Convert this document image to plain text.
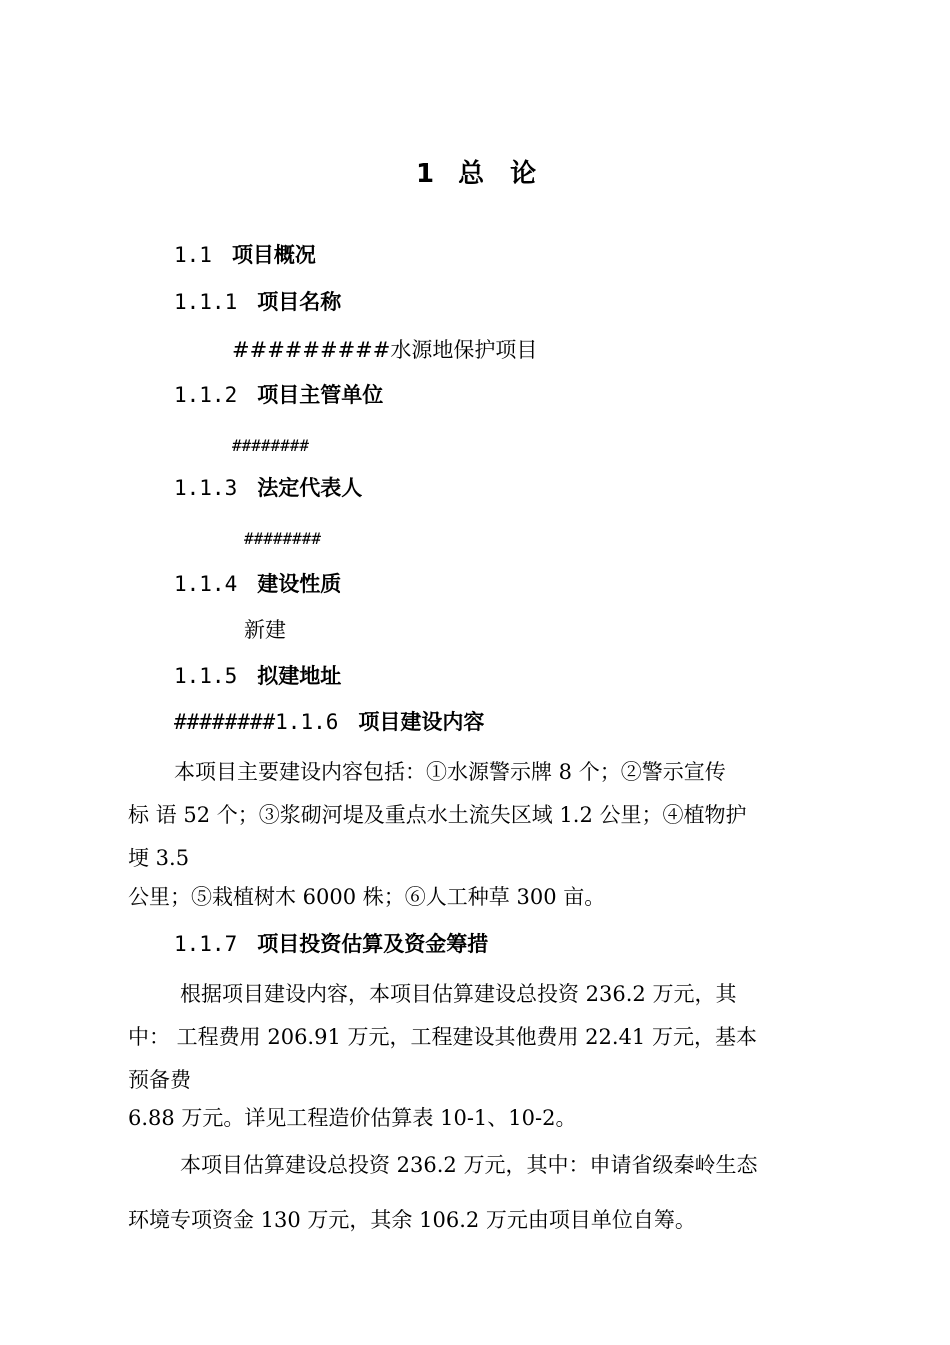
1 总　论
1.1 项目概况
1.1.1 项目名称
#########水源地保护项目
1.1.2 项目主管单位
########
1.1.3 法定代表人
########
1.1.4 建设性质
新建
1.1.5 拟建地址
########1.1.6 项目建设内容
本项目主要建设内容包括：①水源警示牌 8 个；②警示宣传
标 语 52 个；③浆砌河堤及重点水土流失区域 1.2 公里；④植物护
埂 3.5
公里；⑤栽植树木 6000 株；⑥人工种草 300 亩。
1.1.7 项目投资估算及资金筹措
根据项目建设内容，本项目估算建设总投资 236.2 万元，其
中： 工程费用 206.91 万元，工程建设其他费用 22.41 万元，基本
预备费
6.88 万元。详见工程造价估算表 10-1、10-2。
本项目估算建设总投资 236.2 万元，其中：申请省级秦岭生态
环境专项资金 130 万元，其余 106.2 万元由项目单位自筹。
